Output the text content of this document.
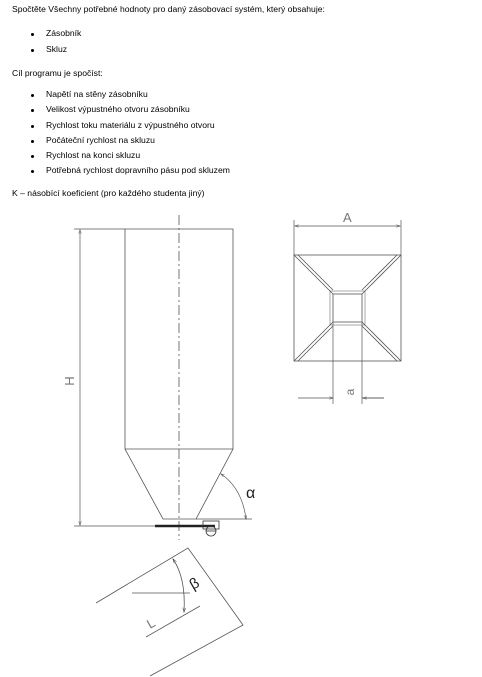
Spočtěte Všechny potřebné hodnoty pro daný zásobovací systém, který obsahuje:
Zásobník
Skluz
Cíl programu je spočíst:
Napětí na stěny zásobníku
Velikost výpustného otvoru zásobníku
Rychlost toku materiálu z výpustného otvoru
Počáteční rychlost na skluzu
Rychlost na konci skluzu
Potřebná rychlost dopravního pásu pod skluzem
K – násobící koeficient (pro každého studenta jiný)
H
α
A
a
β
L
